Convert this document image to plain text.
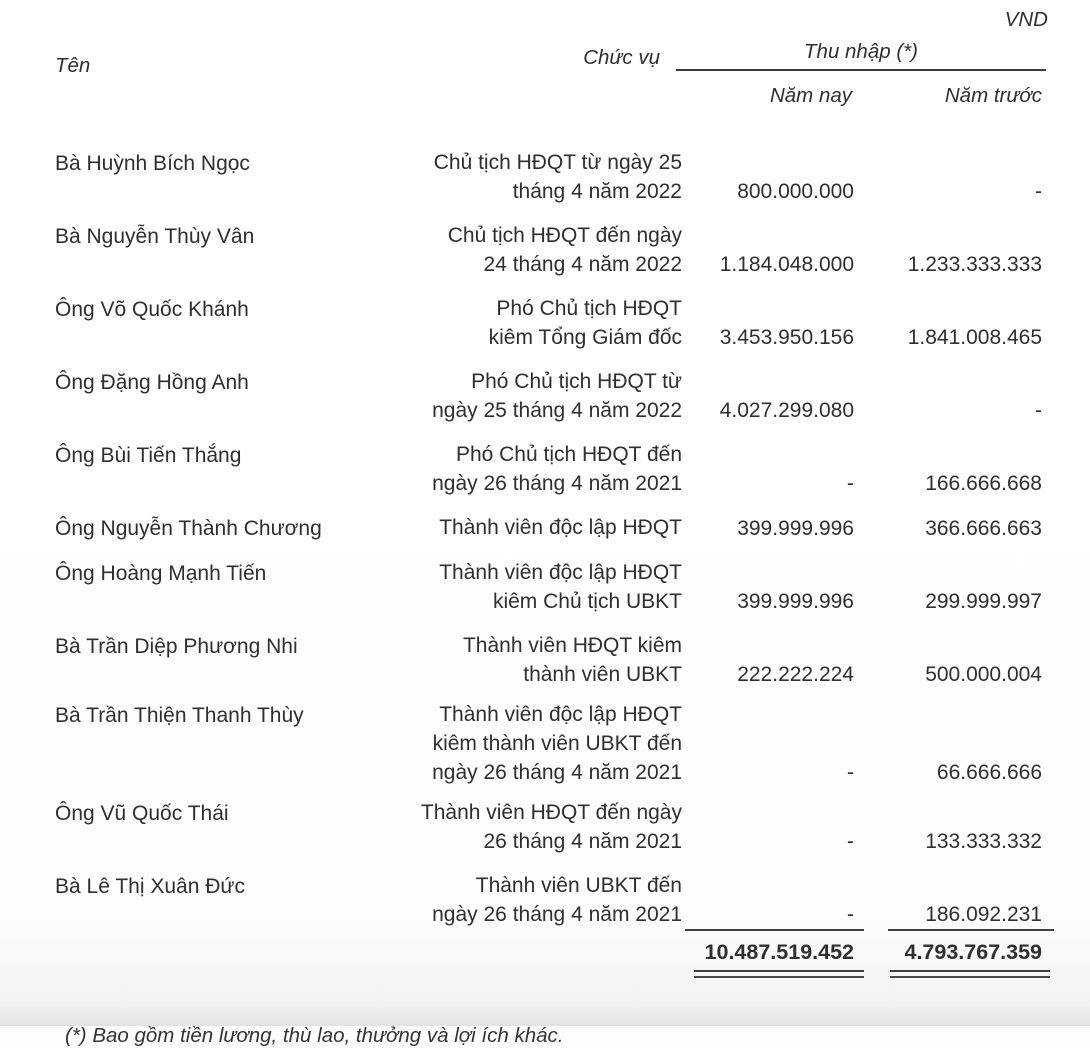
VND
Tên	Chức vụ	Thu nhập (*)
Năm nay	Năm trước
Bà Huỳnh Bích Ngọc	Chủ tịch HĐQT từ ngày 25
tháng 4 năm 2022	800.000.000	-
Bà Nguyễn Thùy Vân	Chủ tịch HĐQT đến ngày
24 tháng 4 năm 2022	1.184.048.000	1.233.333.333
Ông Võ Quốc Khánh	Phó Chủ tịch HĐQT
kiêm Tổng Giám đốc	3.453.950.156	1.841.008.465
Ông Đặng Hồng Anh	Phó Chủ tịch HĐQT từ
ngày 25 tháng 4 năm 2022	4.027.299.080	-
Ông Bùi Tiến Thắng	Phó Chủ tịch HĐQT đến
ngày 26 tháng 4 năm 2021	-	166.666.668
Ông Nguyễn Thành Chương	Thành viên độc lập HĐQT	399.999.996	366.666.663
Ông Hoàng Mạnh Tiến	Thành viên độc lập HĐQT
kiêm Chủ tịch UBKT	399.999.996	299.999.997
Bà Trần Diệp Phương Nhi	Thành viên HĐQT kiêm
thành viên UBKT	222.222.224	500.000.004
Bà Trần Thiện Thanh Thùy	Thành viên độc lập HĐQT
kiêm thành viên UBKT đến
ngày 26 tháng 4 năm 2021	-	66.666.666
Ông Vũ Quốc Thái	Thành viên HĐQT đến ngày
26 tháng 4 năm 2021	-	133.333.332
Bà Lê Thị Xuân Đức	Thành viên UBKT đến
ngày 26 tháng 4 năm 2021	-	186.092.231
10.487.519.452	4.793.767.359
(*) Bao gồm tiền lương, thù lao, thưởng và lợi ích khác.
